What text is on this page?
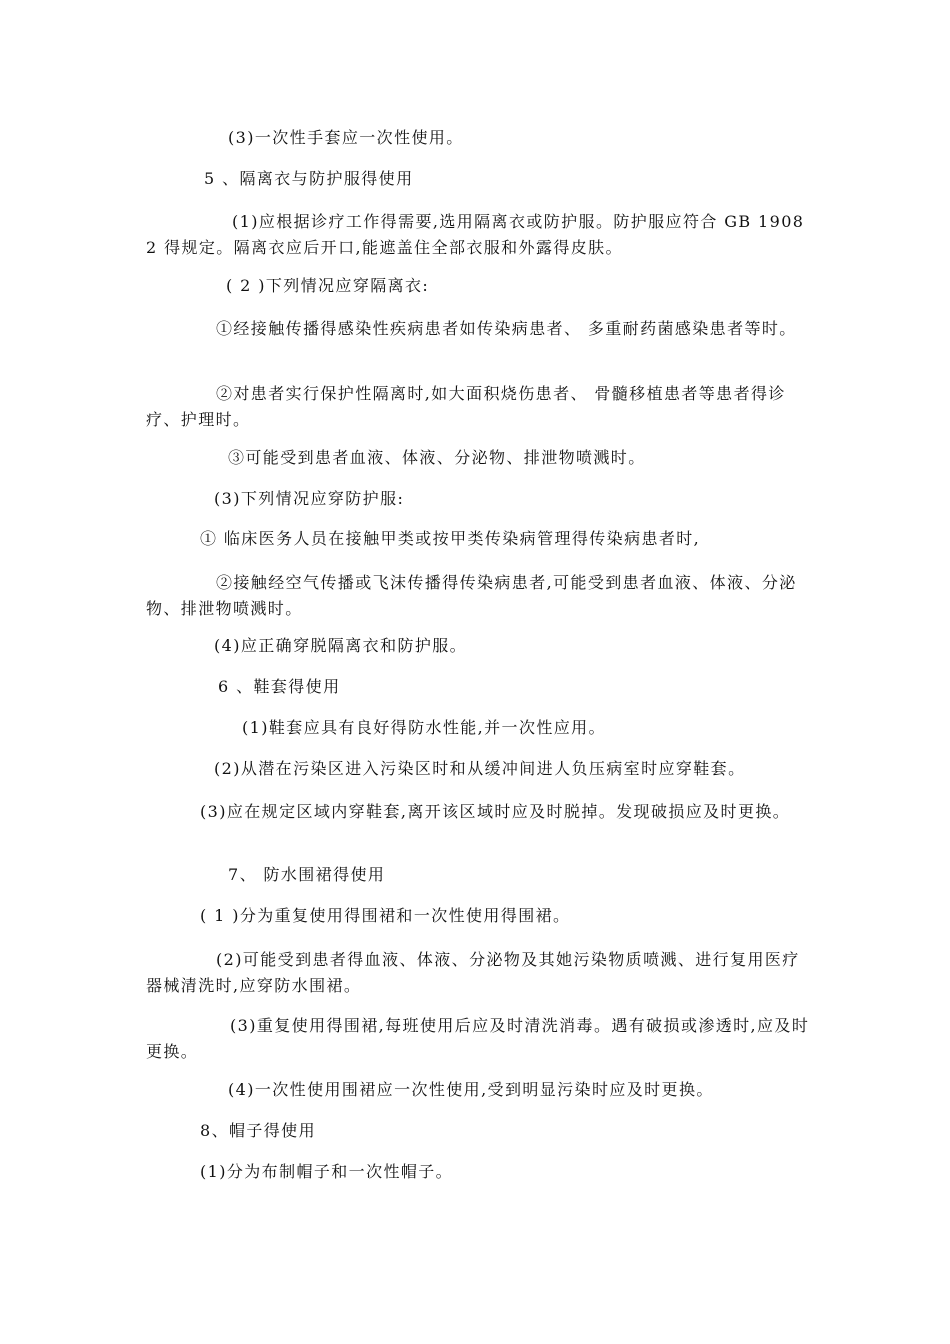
(3)一次性手套应一次性使用。
5 、隔离衣与防护服得使用
(1)应根据诊疗工作得需要,选用隔离衣或防护服。防护服应符合 GB 1908 2 得规定。隔离衣应后开口,能遮盖住全部衣服和外露得皮肤。
( 2 )下列情况应穿隔离衣:
①经接触传播得感染性疾病患者如传染病患者、 多重耐药菌感染患者等时。
②对患者实行保护性隔离时,如大面积烧伤患者、 骨髓移植患者等患者得诊疗、护理时。
③可能受到患者血液、体液、分泌物、排泄物喷溅时。
(3)下列情况应穿防护服:
① 临床医务人员在接触甲类或按甲类传染病管理得传染病患者时,
②接触经空气传播或飞沫传播得传染病患者,可能受到患者血液、体液、分泌物、排泄物喷溅时。
(4)应正确穿脱隔离衣和防护服。
6 、鞋套得使用
(1)鞋套应具有良好得防水性能,并一次性应用。
(2)从潜在污染区进入污染区时和从缓冲间进人负压病室时应穿鞋套。
(3)应在规定区域内穿鞋套,离开该区域时应及时脱掉。发现破损应及时更换。
7、 防水围裙得使用
( 1 )分为重复使用得围裙和一次性使用得围裙。
(2)可能受到患者得血液、体液、分泌物及其她污染物质喷溅、进行复用医疗器械清洗时,应穿防水围裙。
(3)重复使用得围裙,每班使用后应及时清洗消毒。遇有破损或渗透时,应及时更换。
(4)一次性使用围裙应一次性使用,受到明显污染时应及时更换。
8、帽子得使用
(1)分为布制帽子和一次性帽子。
